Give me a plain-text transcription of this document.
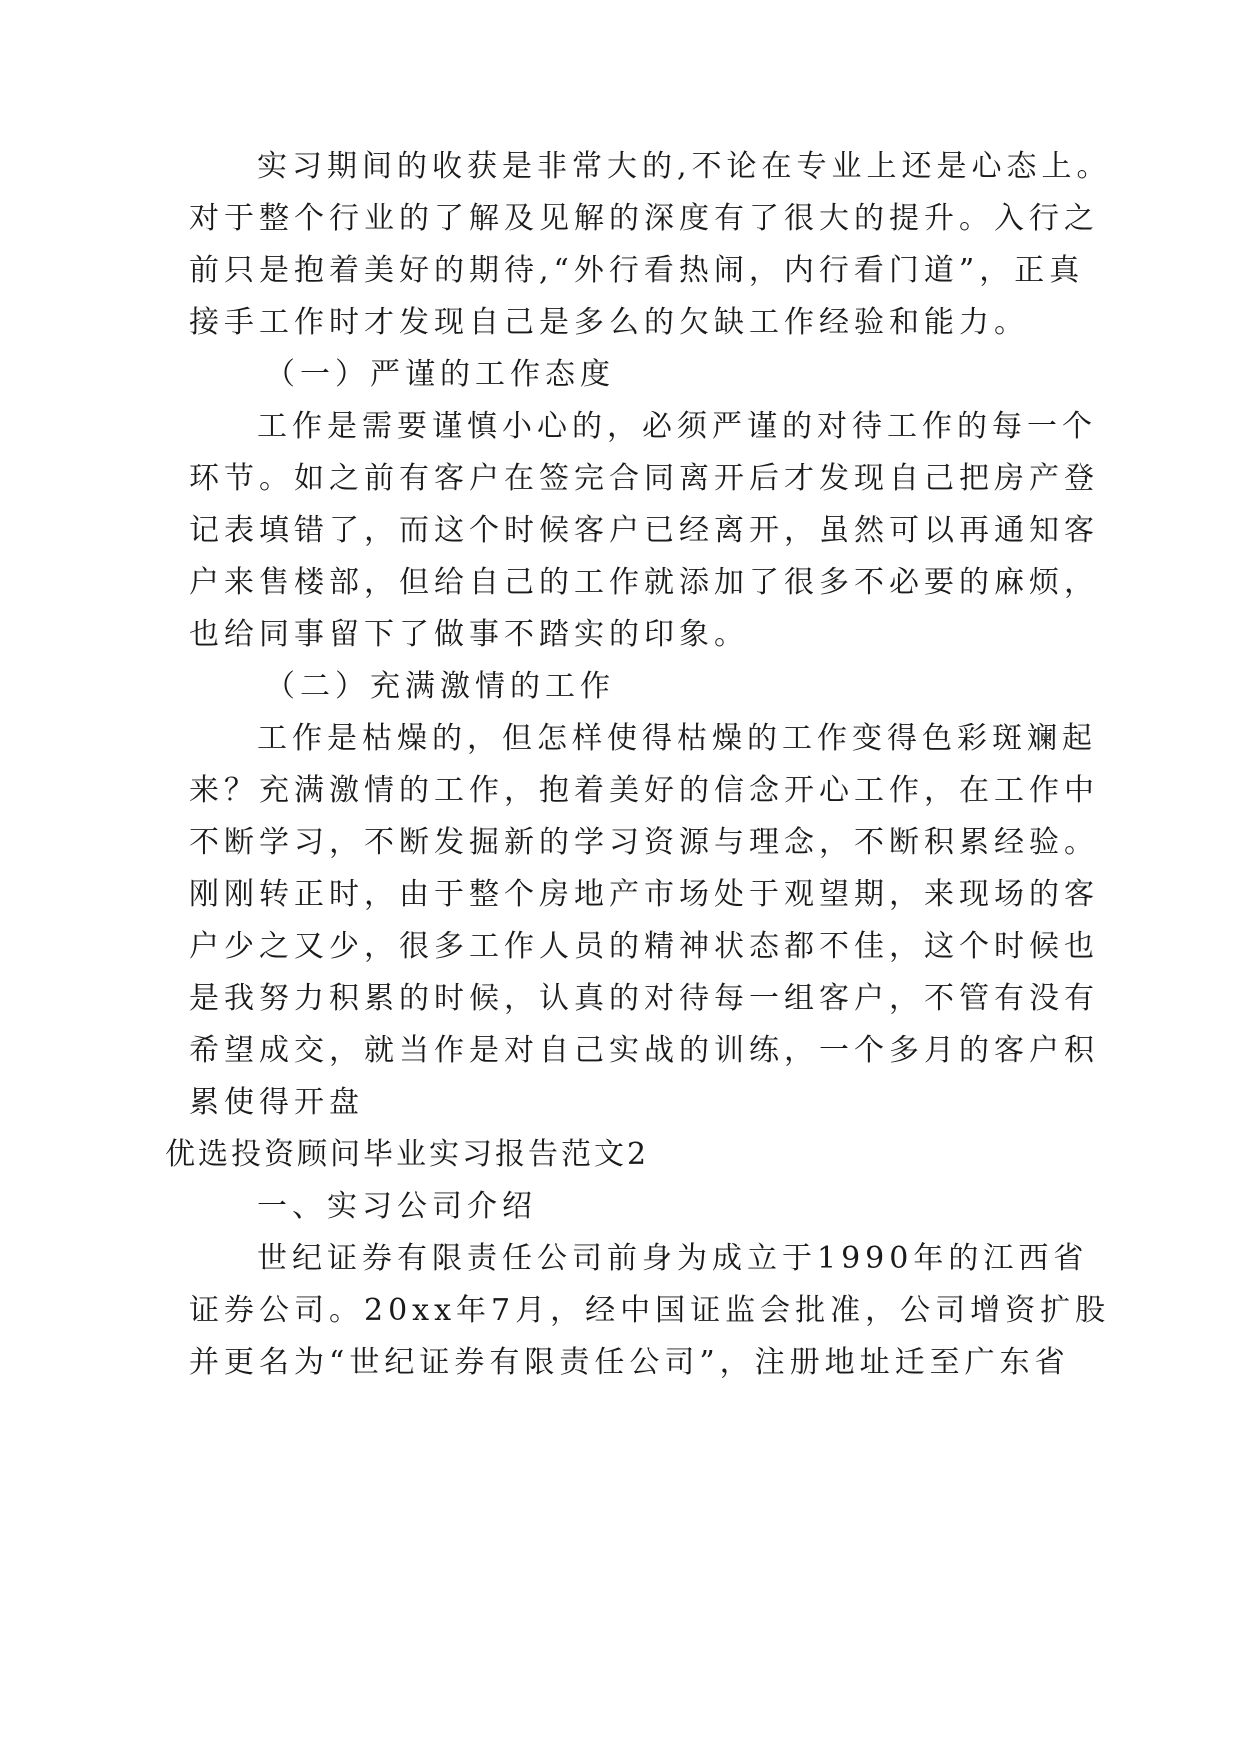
实习期间的收获是非常大的,不论在专业上还是心态上。
对于整个行业的了解及见解的深度有了很大的提升。入行之
前只是抱着美好的期待,“外行看热闹，内行看门道”，正真
接手工作时才发现自己是多么的欠缺工作经验和能力。
（一）严谨的工作态度
工作是需要谨慎小心的，必须严谨的对待工作的每一个
环节。如之前有客户在签完合同离开后才发现自己把房产登
记表填错了，而这个时候客户已经离开，虽然可以再通知客
户来售楼部，但给自己的工作就添加了很多不必要的麻烦，
也给同事留下了做事不踏实的印象。
（二）充满激情的工作
工作是枯燥的，但怎样使得枯燥的工作变得色彩斑斓起
来？充满激情的工作，抱着美好的信念开心工作，在工作中
不断学习，不断发掘新的学习资源与理念，不断积累经验。
刚刚转正时，由于整个房地产市场处于观望期，来现场的客
户少之又少，很多工作人员的精神状态都不佳，这个时候也
是我努力积累的时候，认真的对待每一组客户，不管有没有
希望成交，就当作是对自己实战的训练，一个多月的客户积
累使得开盘
优选投资顾问毕业实习报告范文2
一、实习公司介绍
世纪证券有限责任公司前身为成立于1990年的江西省
证券公司。20xx年7月，经中国证监会批准，公司增资扩股
并更名为“世纪证券有限责任公司”，注册地址迁至广东省
